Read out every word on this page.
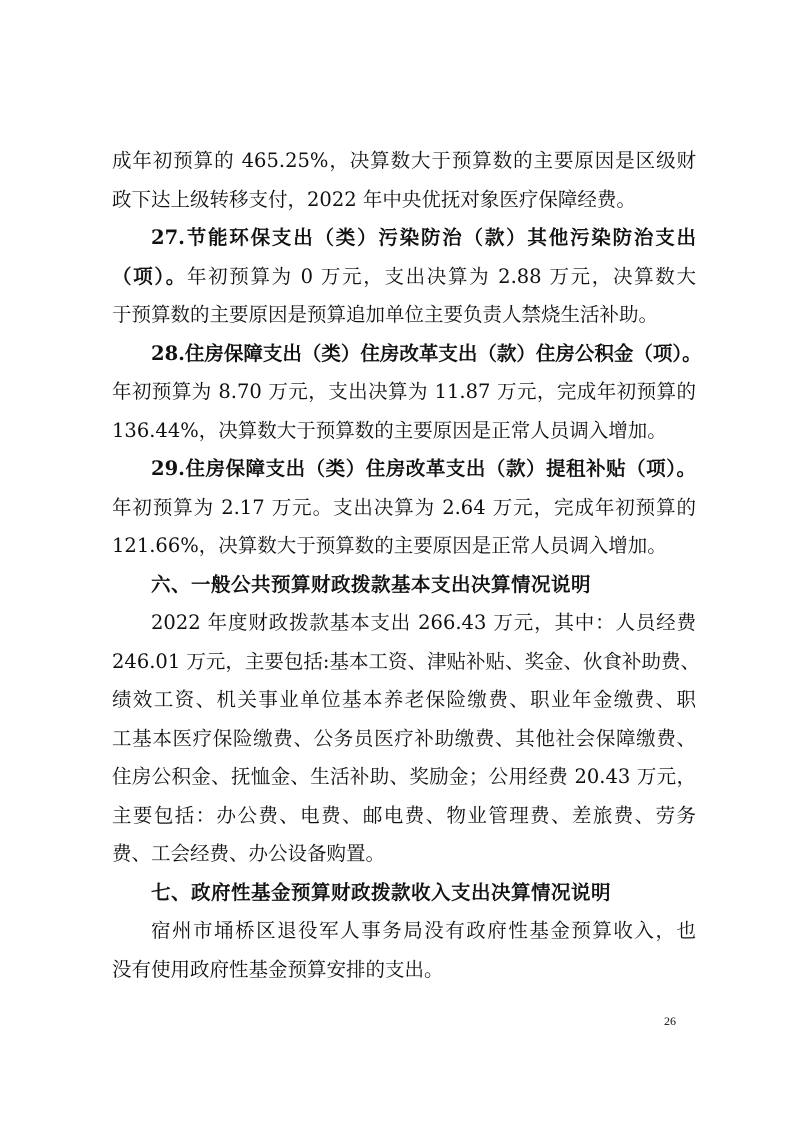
成年初预算的 465.25%，决算数大于预算数的主要原因是区级财
政下达上级转移支付，2022 年中央优抚对象医疗保障经费。
27.节能环保支出（类）污染防治（款）其他污染防治支出
（项）。年初预算为 0 万元，支出决算为 2.88 万元，决算数大
于预算数的主要原因是预算追加单位主要负责人禁烧生活补助。
28.住房保障支出（类）住房改革支出（款）住房公积金（项）。
年初预算为 8.70 万元，支出决算为 11.87 万元，完成年初预算的
136.44%，决算数大于预算数的主要原因是正常人员调入增加。
29.住房保障支出（类）住房改革支出（款）提租补贴（项）。
年初预算为 2.17 万元。支出决算为 2.64 万元，完成年初预算的
121.66%，决算数大于预算数的主要原因是正常人员调入增加。
六、一般公共预算财政拨款基本支出决算情况说明
2022 年度财政拨款基本支出 266.43 万元，其中：人员经费
246.01 万元，主要包括:基本工资、津贴补贴、奖金、伙食补助费、
绩效工资、机关事业单位基本养老保险缴费、职业年金缴费、职
工基本医疗保险缴费、公务员医疗补助缴费、其他社会保障缴费、
住房公积金、抚恤金、生活补助、奖励金；公用经费 20.43 万元，
主要包括：办公费、电费、邮电费、物业管理费、差旅费、劳务
费、工会经费、办公设备购置。
七、政府性基金预算财政拨款收入支出决算情况说明
宿州市埇桥区退役军人事务局没有政府性基金预算收入，也
没有使用政府性基金预算安排的支出。
26
